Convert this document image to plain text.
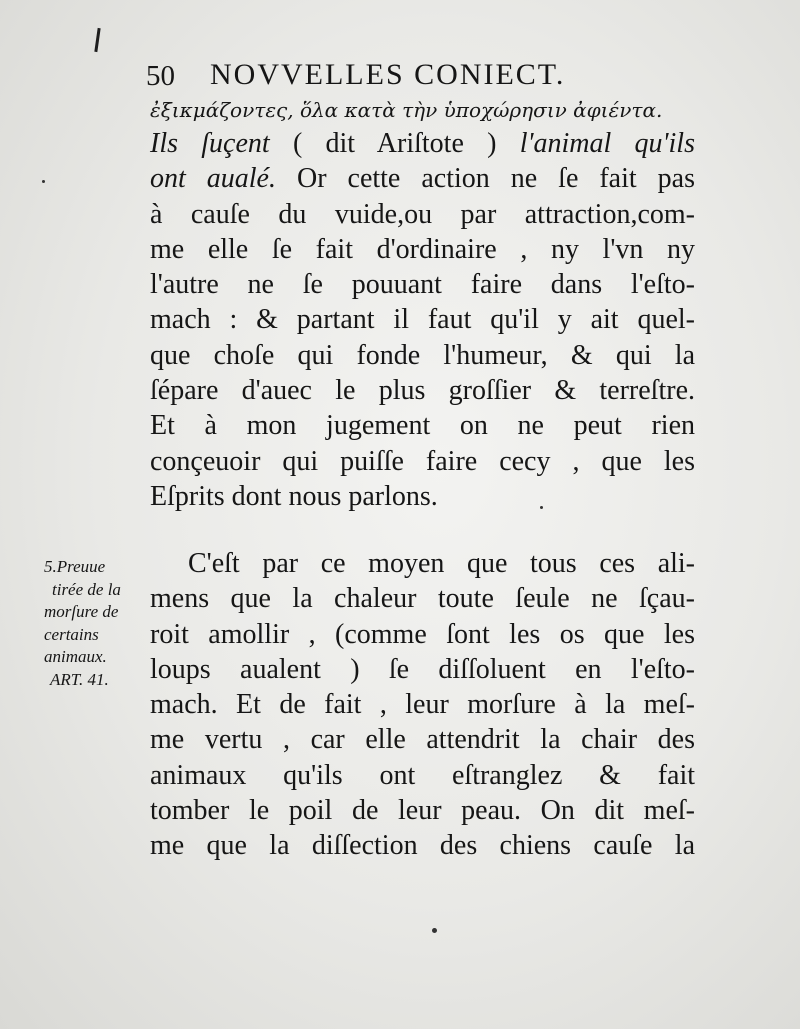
50 NOVVELLES CONIECT.
ἐξικμάζοντες, ὅλα κατὰ τὴν ὑποχώρησιν ἀφιέντα.
Ils ſuçent ( dit Ariſtote ) l'animal qu'ils
ont aualé. Or cette action ne ſe fait pas
à cauſe du vuide,ou par attraction,com-
me elle ſe fait d'ordinaire , ny l'vn ny
l'autre ne ſe pouuant faire dans l'eſto-
mach : & partant il faut qu'il y ait quel-
que choſe qui fonde l'humeur, & qui la
ſépare d'auec le plus groſſier & terreſtre.
Et à mon jugement on ne peut rien
conçeuoir qui puiſſe faire cecy , que les
Eſprits dont nous parlons.
5.Preuue
tirée de la
morſure de
certains
animaux.
ART. 41.
C'eſt par ce moyen que tous ces ali-
mens que la chaleur toute ſeule ne ſçau-
roit amollir , (comme ſont les os que les
loups aualent ) ſe diſſoluent en l'eſto-
mach. Et de fait , leur morſure à la meſ-
me vertu , car elle attendrit la chair des
animaux qu'ils ont eſtranglez & fait
tomber le poil de leur peau. On dit meſ-
me que la diſſection des chiens cauſe la
